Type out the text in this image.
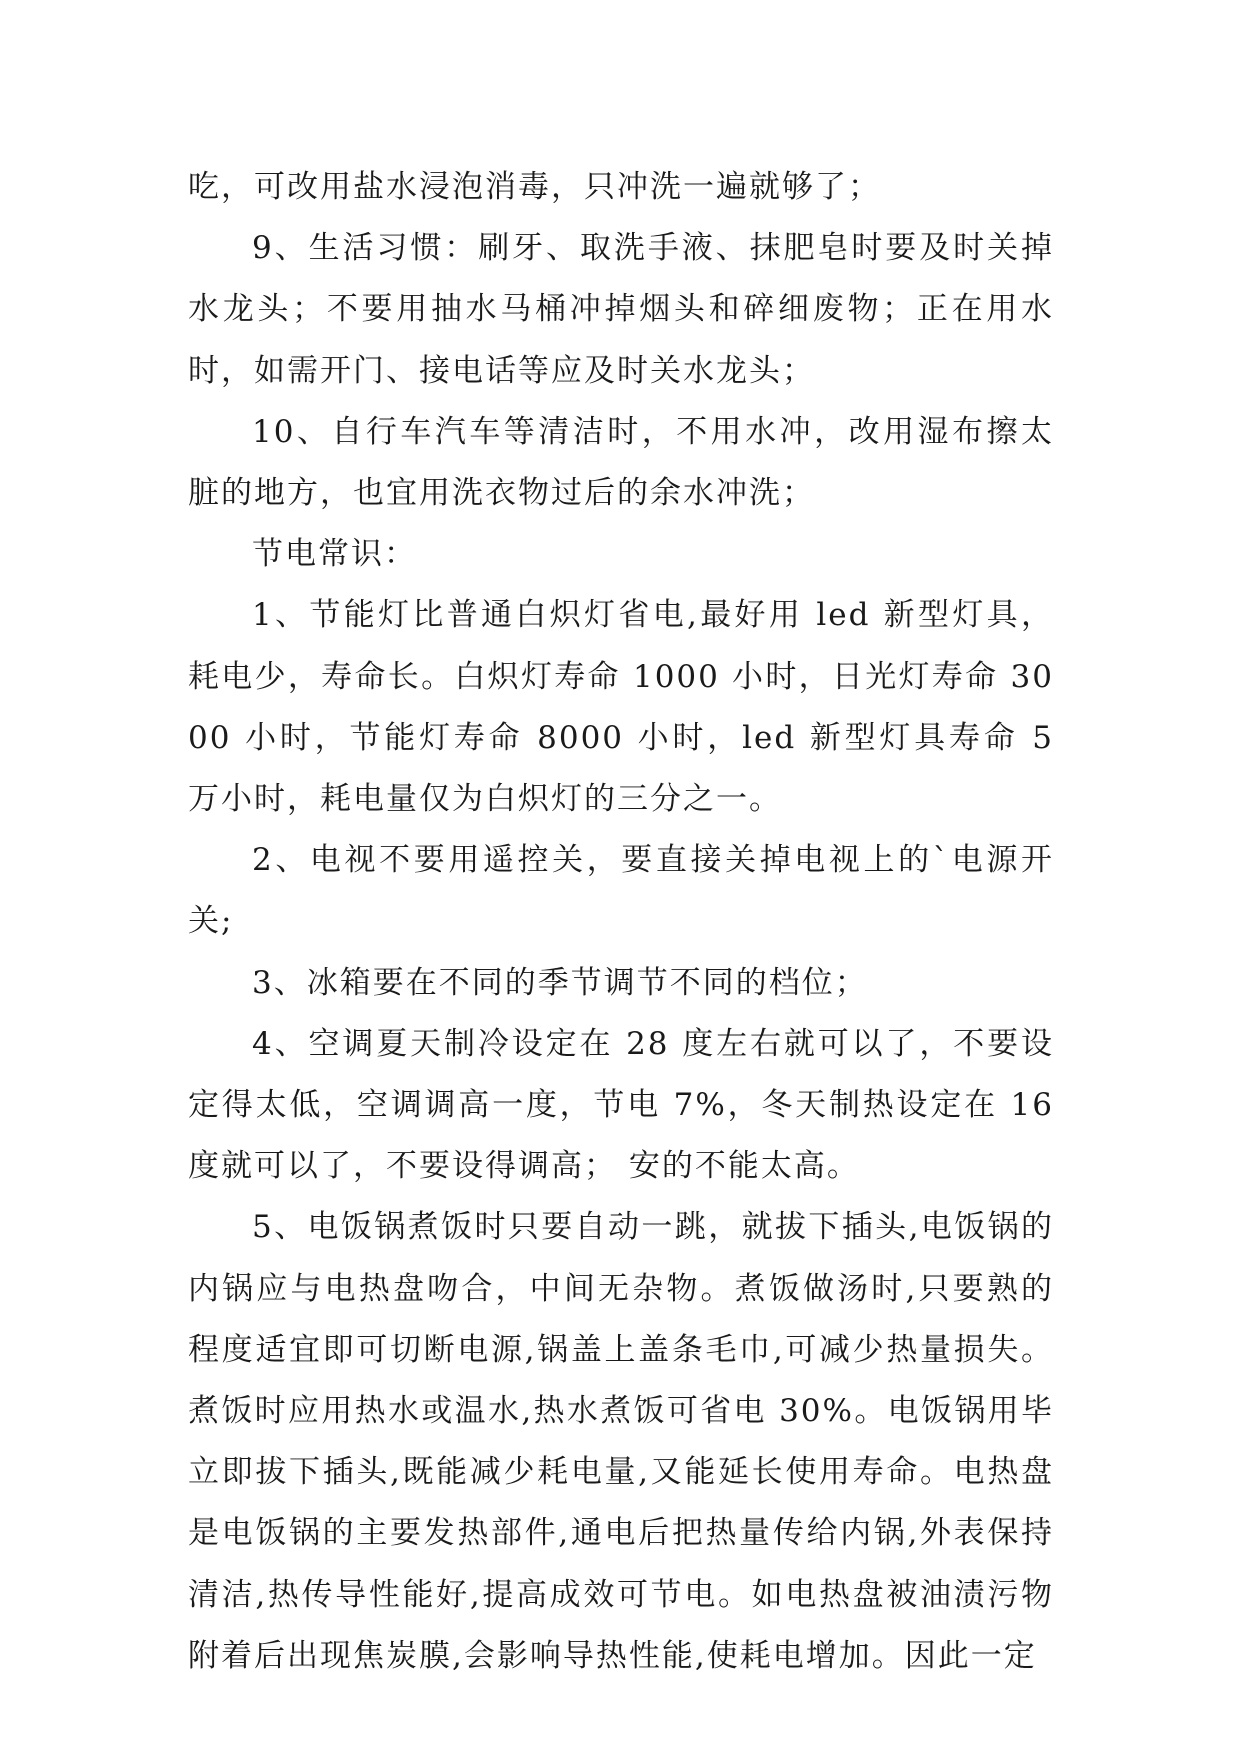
吃，可改用盐水浸泡消毒，只冲洗一遍就够了；

9、生活习惯：刷牙、取洗手液、抹肥皂时要及时关掉水龙头；不要用抽水马桶冲掉烟头和碎细废物；正在用水时，如需开门、接电话等应及时关水龙头；

10、自行车汽车等清洁时，不用水冲，改用湿布擦太脏的地方，也宜用洗衣物过后的余水冲洗；

节电常识：

1、节能灯比普通白炽灯省电,最好用 led 新型灯具，耗电少，寿命长。白炽灯寿命 1000 小时，日光灯寿命 3000 小时，节能灯寿命 8000 小时，led 新型灯具寿命 5 万小时，耗电量仅为白炽灯的三分之一。

2、电视不要用遥控关，要直接关掉电视上的`电源开关;

3、冰箱要在不同的季节调节不同的档位；

4、空调夏天制冷设定在 28 度左右就可以了，不要设定得太低，空调调高一度，节电 7%，冬天制热设定在 16 度就可以了，不要设得调高； 安的不能太高。

5、电饭锅煮饭时只要自动一跳，就拔下插头,电饭锅的内锅应与电热盘吻合，中间无杂物。煮饭做汤时,只要熟的程度适宜即可切断电源,锅盖上盖条毛巾,可减少热量损失。煮饭时应用热水或温水,热水煮饭可省电 30%。电饭锅用毕立即拔下插头,既能减少耗电量,又能延长使用寿命。电热盘是电饭锅的主要发热部件,通电后把热量传给内锅,外表保持清洁,热传导性能好,提高成效可节电。如电热盘被油渍污物附着后出现焦炭膜,会影响导热性能,使耗电增加。因此一定
